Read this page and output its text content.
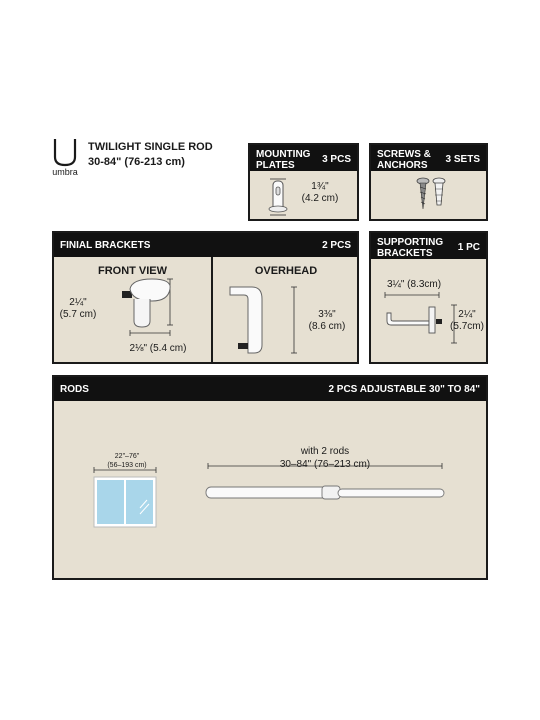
umbra
TWILIGHT SINGLE ROD
30-84" (76-213 cm)
MOUNTING
PLATES
3 PCS
1¾"
(4.2 cm)
SCREWS &
ANCHORS
3 SETS
FINIAL BRACKETS	2 PCS
FRONT VIEW
2¼"
(5.7 cm)
2⅛" (5.4 cm)
OVERHEAD
3⅜"
(8.6 cm)
SUPPORTING
BRACKETS
1 PC
3¼" (8.3cm)
2¼"
(5.7cm)
RODS	2 PCS ADJUSTABLE 30" TO 84"
22"–76"
(56–193 cm)
with 2 rods
30–84" (76–213 cm)
